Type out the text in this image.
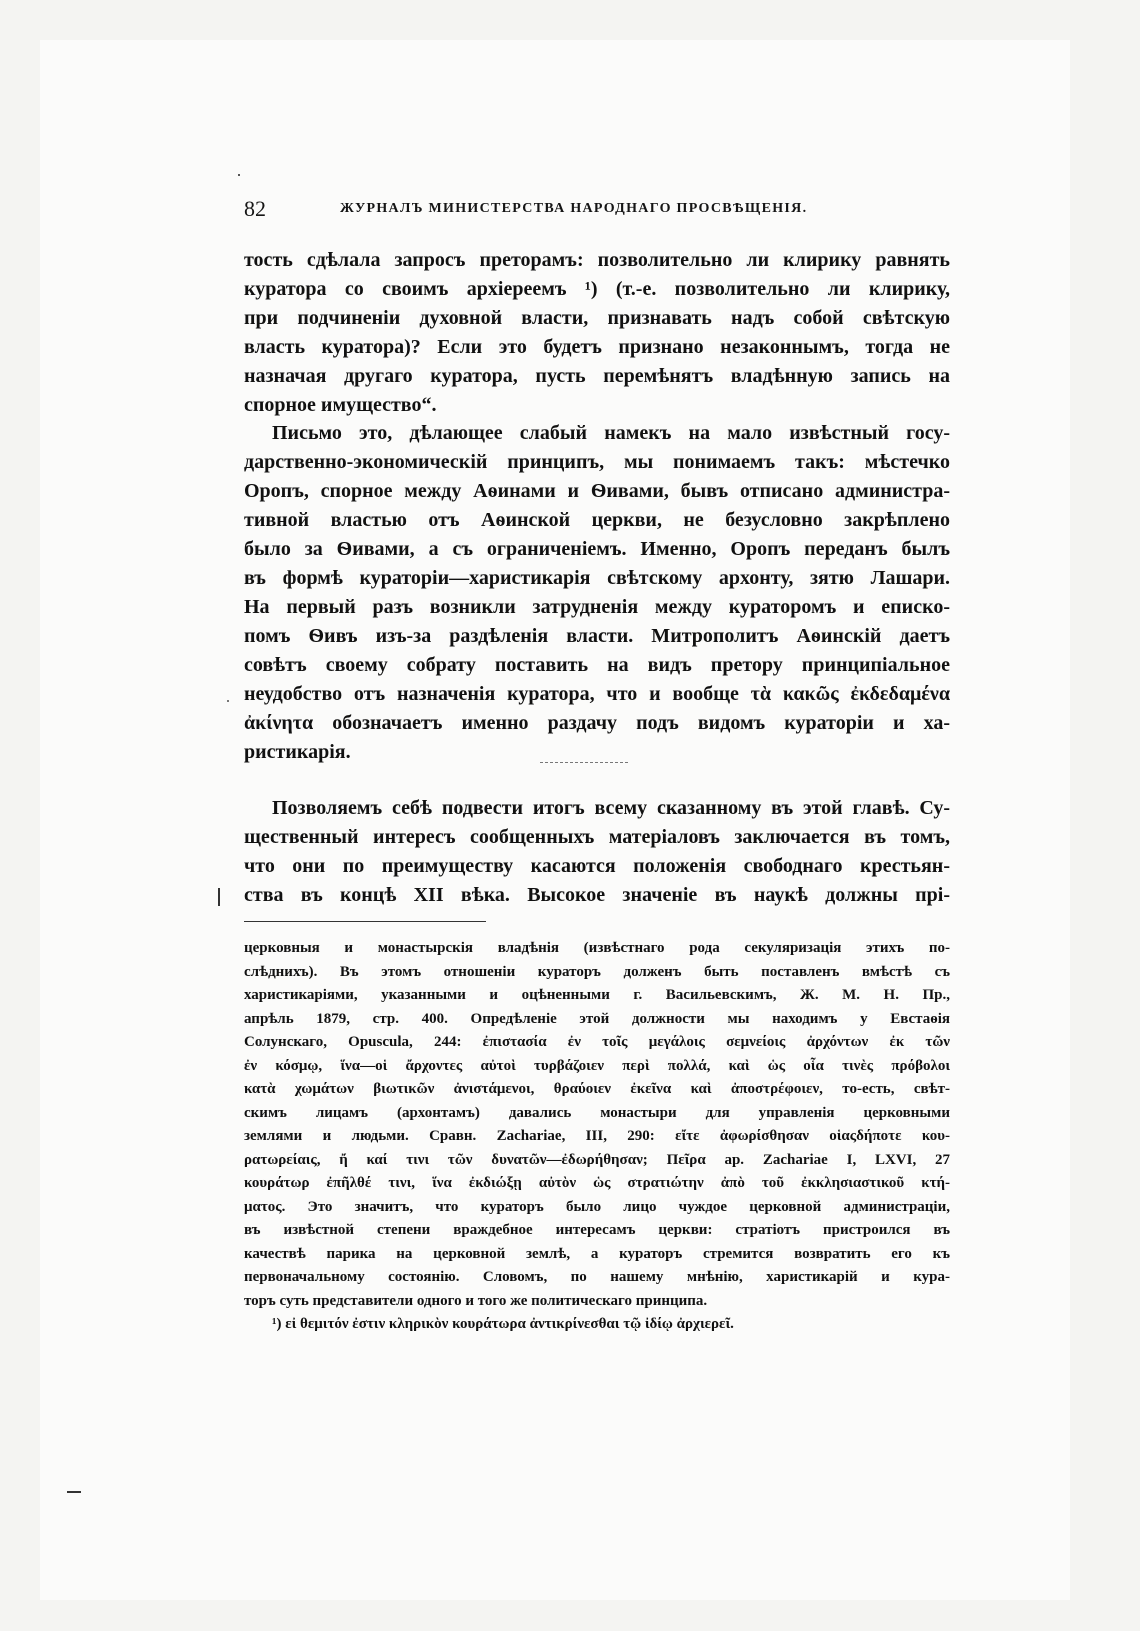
82	ЖУРНАЛЪ МИНИСТЕРСТВА НАРОДНАГО ПРОСВѢЩЕНІЯ.
тость сдѣлала запросъ преторамъ: позволительно ли клирику равнять
куратора со своимъ архіереемъ ¹) (т.-е. позволительно ли клирику,
при подчиненіи духовной власти, признавать надъ собой свѣтскую
власть куратора)? Если это будетъ признано незаконнымъ, тогда не
назначая другаго куратора, пусть перемѣнятъ владѣнную запись на
спорное имущество“.
Письмо это, дѣлающее слабый намекъ на мало извѣстный госу-
дарственно-экономическій принципъ, мы понимаемъ такъ: мѣстечко
Оропъ, спорное между Аѳинами и Ѳивами, бывъ отписано администра-
тивной властью отъ Аѳинской церкви, не безусловно закрѣплено
было за Ѳивами, а съ ограниченіемъ. Именно, Оропъ переданъ былъ
въ формѣ кураторіи—харистикарія свѣтскому архонту, зятю Лашари.
На первый разъ возникли затрудненія между кураторомъ и еписко-
помъ Ѳивъ изъ-за раздѣленія власти. Митрополитъ Аѳинскій даетъ
совѣтъ своему собрату поставить на видъ претору принципіальное
неудобство отъ назначенія куратора, что и вообще τὰ κακῶς ἐκδεδαμένα
ἀκίνητα обозначаетъ именно раздачу подъ видомъ кураторіи и ха-
ристикарія.
Позволяемъ себѣ подвести итогъ всему сказанному въ этой главѣ. Су-
щественный интересъ сообщенныхъ матеріаловъ заключается въ томъ,
что они по преимуществу касаются положенія свободнаго крестьян-
ства въ концѣ XII вѣка. Высокое значеніе въ наукѣ должны прі-
церковныя и монастырскія владѣнія (извѣстнаго рода секуляризація этихъ по-
слѣднихъ). Въ этомъ отношеніи кураторъ долженъ быть поставленъ вмѣстѣ съ
харистикаріями, указанными и оцѣненными г. Васильевскимъ, Ж. М. Н. Пр.,
апрѣль 1879, стр. 400. Опредѣленіе этой должности мы находимъ у Евстаѳія
Солунскаго, Opuscula, 244: ἐπιστασία ἐν τοῖς μεγάλοις σεμνείοις ἀρχόντων ἐκ τῶν
ἐν κόσμῳ, ἵνα—οἱ ἄρχοντες αὐτοὶ τυρβάζοιεν περὶ πολλά, καὶ ὡς οἷα τινὲς πρόβολοι
κατὰ χωμάτων βιωτικῶν ἀνιστάμενοι, θραύοιεν ἐκεῖνα καὶ ἀποστρέφοιεν, то-есть, свѣт-
скимъ лицамъ (архонтамъ) давались монастыри для управленія церковными
землями и людьми. Сравн. Zachariae, III, 290: εἴτε ἀφωρίσθησαν οἱαςδήποτε κου-
ρατωρείαις, ἤ καί τινι τῶν δυνατῶν—ἐδωρήθησαν; Πεῖρα ap. Zachariae I, LXVI, 27
κουράτωρ ἐπῆλθέ τινι, ἵνα ἐκδιώξῃ αὐτὸν ὡς στρατιώτην ἀπὸ τοῦ ἐκκλησιαστικοῦ κτή-
ματος. Это значитъ, что кураторъ было лицо чуждое церковной администраціи,
въ извѣстной степени враждебное интересамъ церкви: стратіотъ пристроился въ
качествѣ парика на церковной землѣ, а кураторъ стремится возвратить его къ
первоначальному состоянію. Словомъ, по нашему мнѣнію, харистикарій и кура-
торъ суть представители одного и того же политическаго принципа.
¹) εἰ θεμιτόν ἐστιν κληρικὸν κουράτωρα ἀντικρίνεσθαι τῷ ἰδίῳ ἀρχιερεῖ.
